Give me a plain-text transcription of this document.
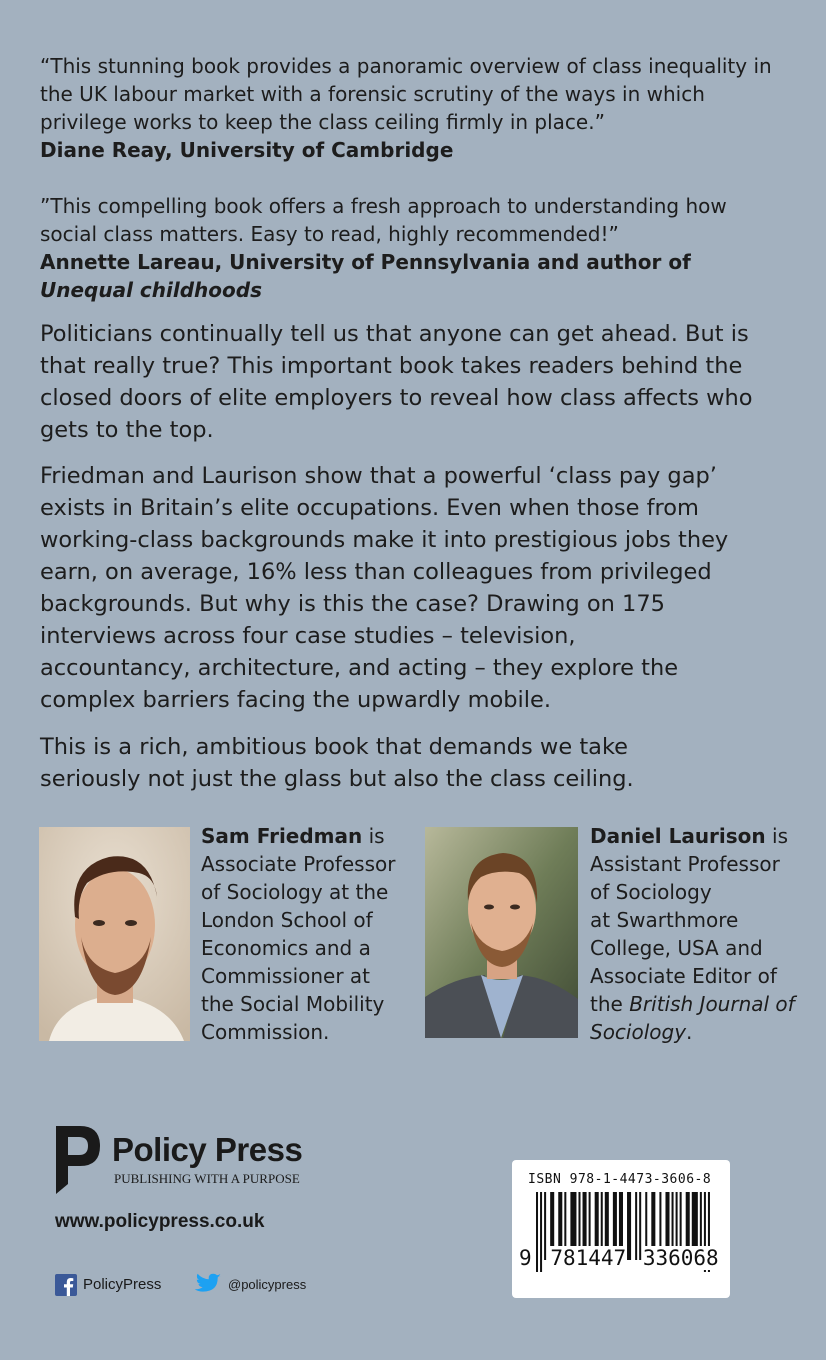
“This stunning book provides a panoramic overview of class inequality in the UK labour market with a forensic scrutiny of the ways in which privilege works to keep the class ceiling firmly in place.”
Diane Reay, University of Cambridge
”This compelling book offers a fresh approach to understanding how social class matters. Easy to read, highly recommended!”
Annette Lareau, University of Pennsylvania and author of
Unequal childhoods
Politicians continually tell us that anyone can get ahead. But is that really true? This important book takes readers behind the closed doors of elite employers to reveal how class affects who gets to the top.
Friedman and Laurison show that a powerful ‘class pay gap’ exists in Britain’s elite occupations. Even when those from working-class backgrounds make it into prestigious jobs they earn, on average, 16% less than colleagues from privileged backgrounds. But why is this the case? Drawing on 175 interviews across four case studies – television, accountancy, architecture, and acting – they explore the complex barriers facing the upwardly mobile.
This is a rich, ambitious book that demands we take seriously not just the glass but also the class ceiling.
Sam Friedman is
Associate Professor
of Sociology at the
London School of
Economics and a
Commissioner at
the Social Mobility
Commission.
Daniel Laurison is
Assistant Professor
of Sociology
at Swarthmore
College, USA and
Associate Editor of
the British Journal of
Sociology.
Policy Press
PUBLISHING WITH A PURPOSE
www.policypress.co.uk
PolicyPress	@policypress
ISBN 978-1-4473-3606-8
9 781447 336068
